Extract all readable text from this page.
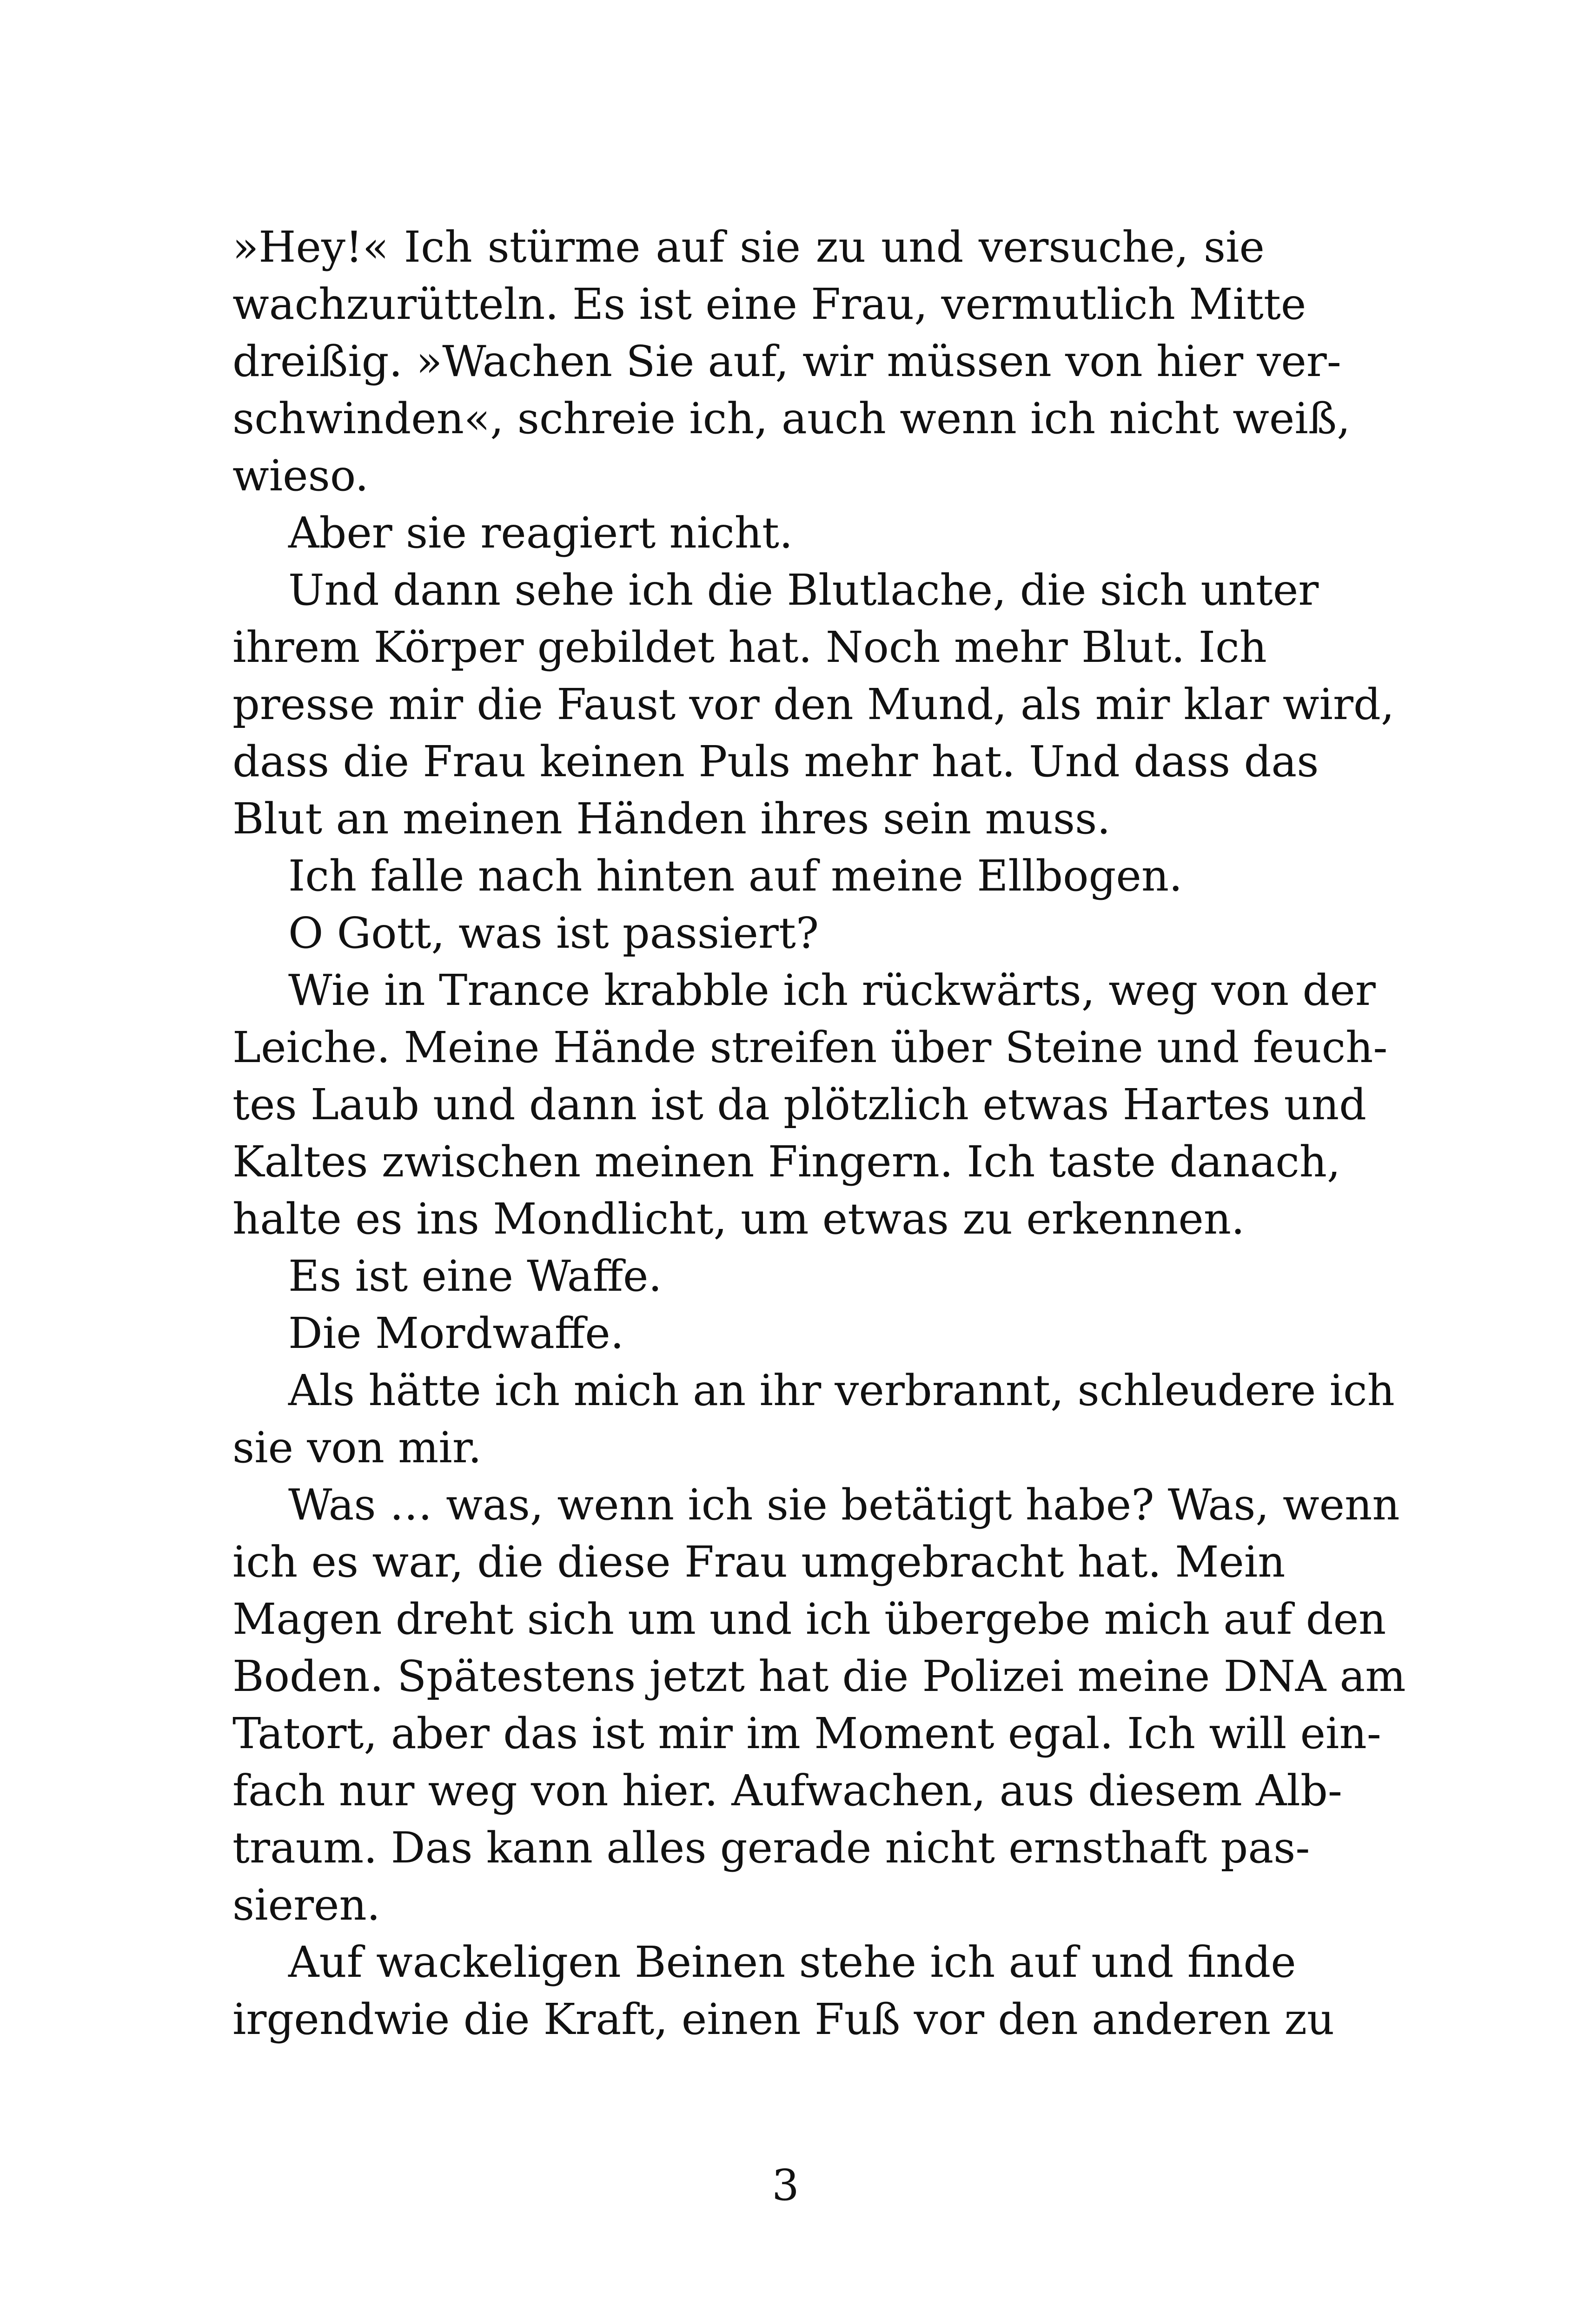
»Hey!« Ich stürme auf sie zu und versuche, sie
wachzurütteln. Es ist eine Frau, vermutlich Mitte
dreißig. »Wachen Sie auf, wir müssen von hier ver-
schwinden«, schreie ich, auch wenn ich nicht weiß,
wieso.
Aber sie reagiert nicht.
Und dann sehe ich die Blutlache, die sich unter
ihrem Körper gebildet hat. Noch mehr Blut. Ich
presse mir die Faust vor den Mund, als mir klar wird,
dass die Frau keinen Puls mehr hat. Und dass das
Blut an meinen Händen ihres sein muss.
Ich falle nach hinten auf meine Ellbogen.
O Gott, was ist passiert?
Wie in Trance krabble ich rückwärts, weg von der
Leiche. Meine Hände streifen über Steine und feuch-
tes Laub und dann ist da plötzlich etwas Hartes und
Kaltes zwischen meinen Fingern. Ich taste danach,
halte es ins Mondlicht, um etwas zu erkennen.
Es ist eine Waffe.
Die Mordwaffe.
Als hätte ich mich an ihr verbrannt, schleudere ich
sie von mir.
Was … was, wenn ich sie betätigt habe? Was, wenn
ich es war, die diese Frau umgebracht hat. Mein
Magen dreht sich um und ich übergebe mich auf den
Boden. Spätestens jetzt hat die Polizei meine DNA am
Tatort, aber das ist mir im Moment egal. Ich will ein-
fach nur weg von hier. Aufwachen, aus diesem Alb-
traum. Das kann alles gerade nicht ernsthaft pas-
sieren.
Auf wackeligen Beinen stehe ich auf und finde
irgendwie die Kraft, einen Fuß vor den anderen zu
3
